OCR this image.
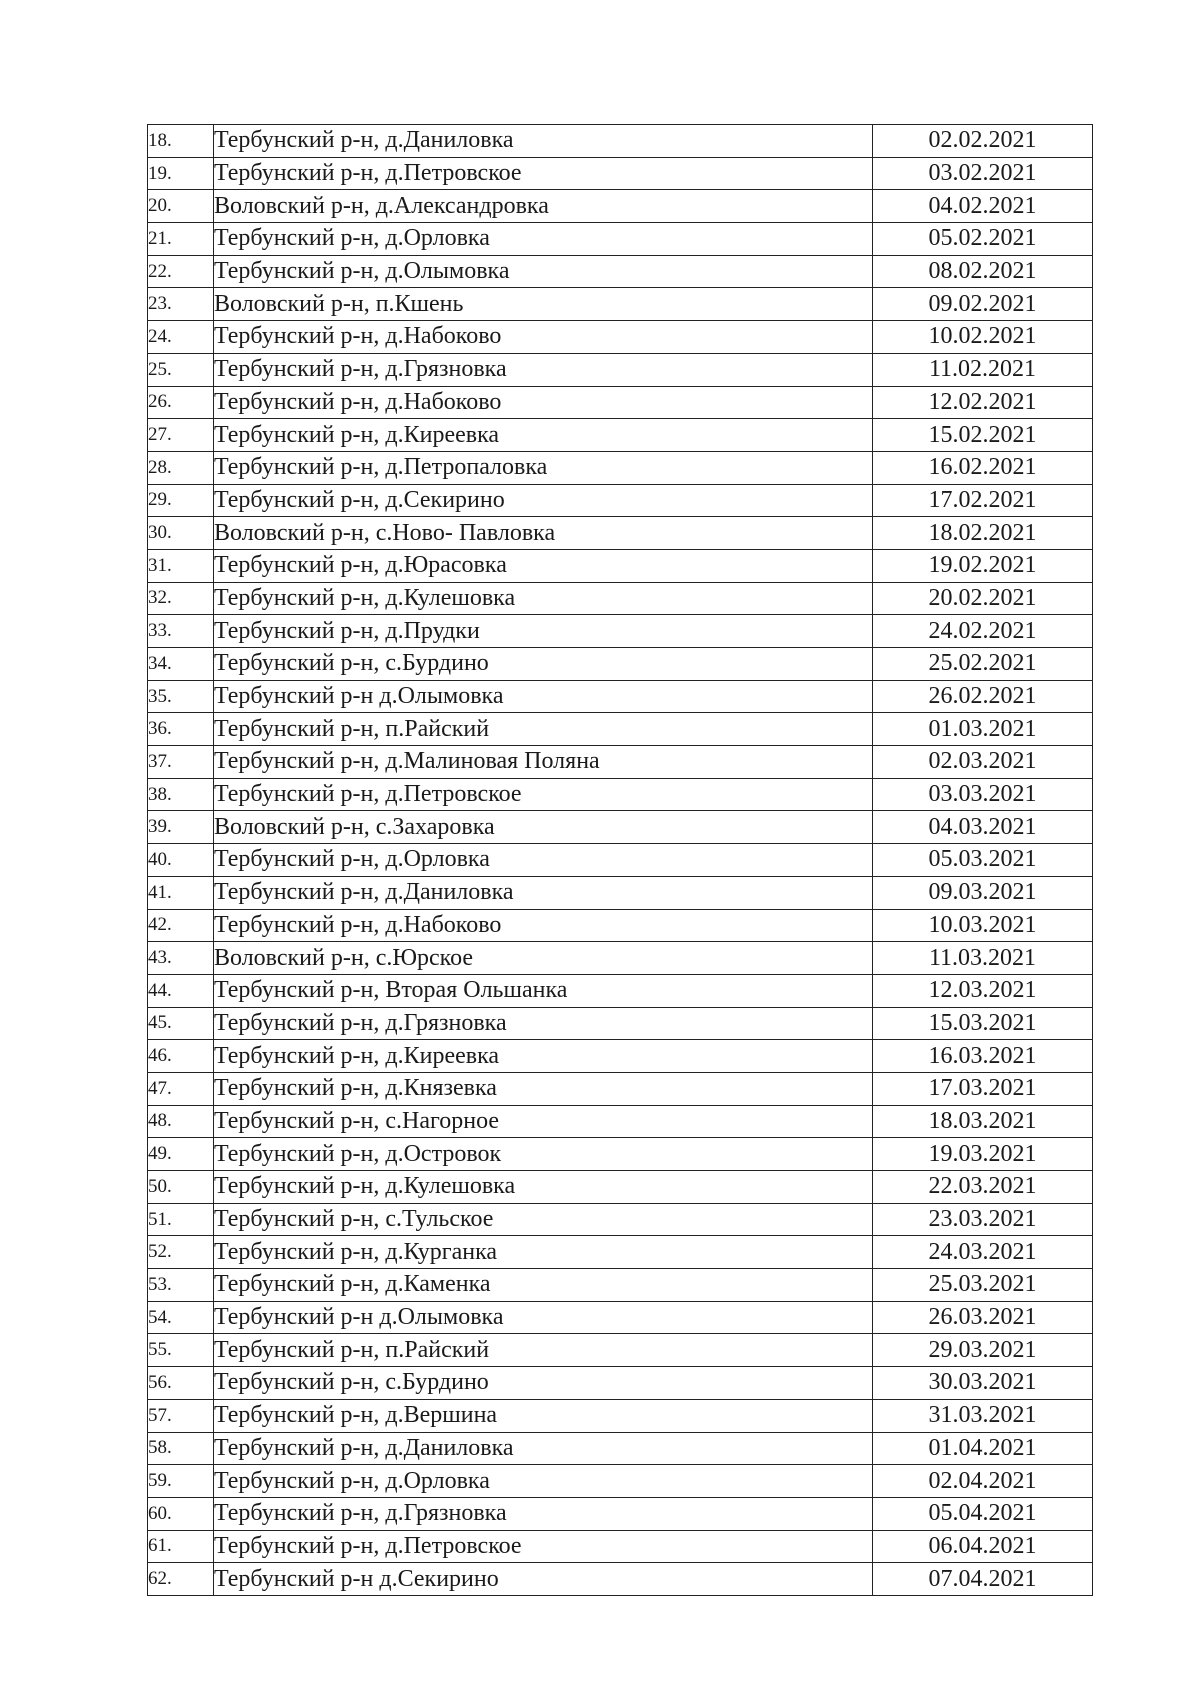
18.	Тербунский р-н, д.Даниловка	02.02.2021
19.	Тербунский р-н, д.Петровское	03.02.2021
20.	Воловский р-н, д.Александровка	04.02.2021
21.	Тербунский р-н, д.Орловка	05.02.2021
22.	Тербунский р-н, д.Олымовка	08.02.2021
23.	Воловский р-н, п.Кшень	09.02.2021
24.	Тербунский р-н, д.Набоково	10.02.2021
25.	Тербунский р-н, д.Грязновка	11.02.2021
26.	Тербунский р-н, д.Набоково	12.02.2021
27.	Тербунский р-н, д.Киреевка	15.02.2021
28.	Тербунский р-н, д.Петропаловка	16.02.2021
29.	Тербунский р-н, д.Секирино	17.02.2021
30.	Воловский р-н, с.Ново- Павловка	18.02.2021
31.	Тербунский р-н, д.Юрасовка	19.02.2021
32.	Тербунский р-н, д.Кулешовка	20.02.2021
33.	Тербунский р-н, д.Прудки	24.02.2021
34.	Тербунский р-н, с.Бурдино	25.02.2021
35.	Тербунский р-н д.Олымовка	26.02.2021
36.	Тербунский р-н, п.Райский	01.03.2021
37.	Тербунский р-н, д.Малиновая Поляна	02.03.2021
38.	Тербунский р-н, д.Петровское	03.03.2021
39.	Воловский р-н, с.Захаровка	04.03.2021
40.	Тербунский р-н, д.Орловка	05.03.2021
41.	Тербунский р-н, д.Даниловка	09.03.2021
42.	Тербунский р-н, д.Набоково	10.03.2021
43.	Воловский р-н, с.Юрское	11.03.2021
44.	Тербунский р-н, Вторая Ольшанка	12.03.2021
45.	Тербунский р-н, д.Грязновка	15.03.2021
46.	Тербунский р-н, д.Киреевка	16.03.2021
47.	Тербунский р-н, д.Князевка	17.03.2021
48.	Тербунский р-н, с.Нагорное	18.03.2021
49.	Тербунский р-н, д.Островок	19.03.2021
50.	Тербунский р-н, д.Кулешовка	22.03.2021
51.	Тербунский р-н, с.Тульское	23.03.2021
52.	Тербунский р-н, д.Курганка	24.03.2021
53.	Тербунский р-н, д.Каменка	25.03.2021
54.	Тербунский р-н д.Олымовка	26.03.2021
55.	Тербунский р-н, п.Райский	29.03.2021
56.	Тербунский р-н, с.Бурдино	30.03.2021
57.	Тербунский р-н, д.Вершина	31.03.2021
58.	Тербунский р-н, д.Даниловка	01.04.2021
59.	Тербунский р-н, д.Орловка	02.04.2021
60.	Тербунский р-н, д.Грязновка	05.04.2021
61.	Тербунский р-н, д.Петровское	06.04.2021
62.	Тербунский р-н д.Секирино	07.04.2021
